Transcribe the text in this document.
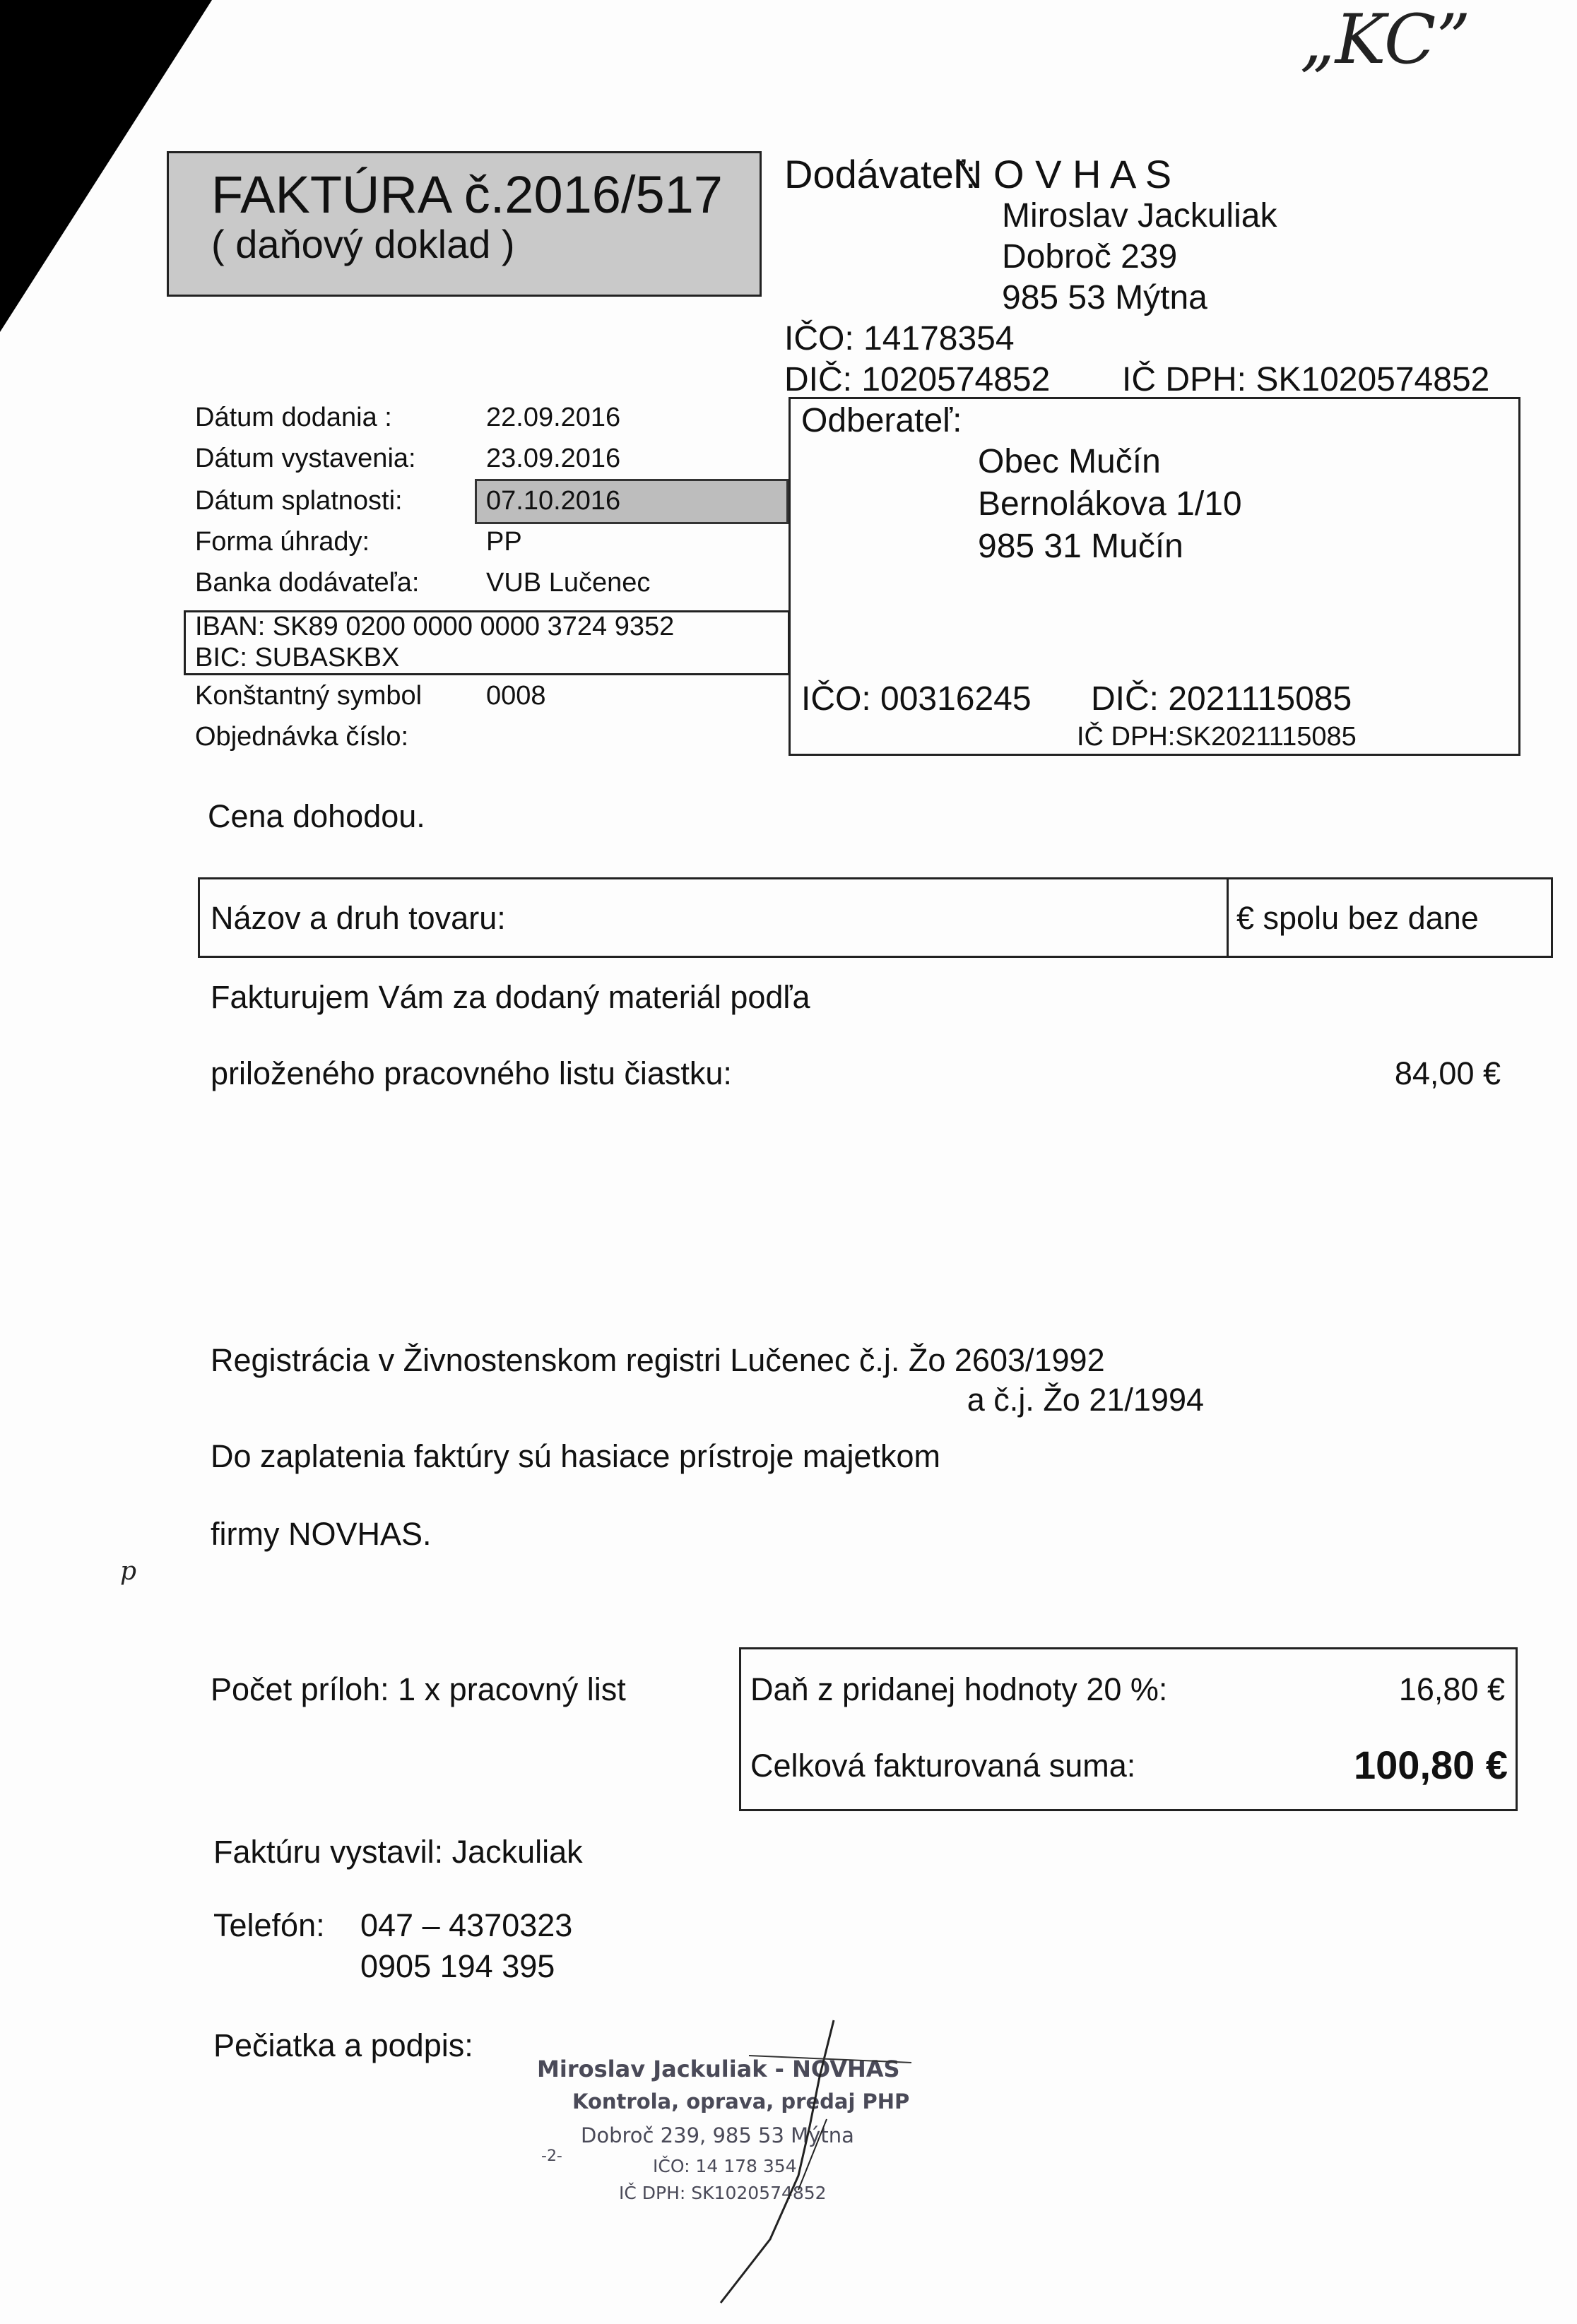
„KC”
FAKTÚRA č.2016/517
( daňový doklad )
Dodávateľ:
N O V H A S
Miroslav Jackuliak
Dobroč 239
985 53 Mýtna
IČO: 14178354
DIČ: 1020574852 IČ DPH: SK1020574852
Dátum dodania :	22.09.2016
Dátum vystavenia:	23.09.2016
Dátum splatnosti:	07.10.2016
Forma úhrady:	PP
Banka dodávateľa: VUB Lučenec
IBAN: SK89 0200 0000 0000 3724 9352
BIC: SUBASKBX
Konštantný symbol 0008
Objednávka číslo:
Odberateľ:
Obec Mučín
Bernolákova 1/10
985 31 Mučín
IČO: 00316245 DIČ: 2021115085
IČ DPH:SK2021115085
Cena dohodou.
Názov a druh tovaru:	€ spolu bez dane
Fakturujem Vám za dodaný materiál podľa
priloženého pracovného listu čiastku:	84,00 €
Registrácia v Živnostenskom registri Lučenec č.j. Žo 2603/1992
a č.j. Žo 21/1994
Do zaplatenia faktúry sú hasiace prístroje majetkom
firmy NOVHAS.
p
Počet príloh: 1 x pracovný list	Daň z pridanej hodnoty 20 %:	16,80 €
Celková fakturovaná suma:	100,80 €
Faktúru vystavil: Jackuliak
Telefón: 047 – 4370323
0905 194 395
Pečiatka a podpis:
Miroslav Jackuliak - NOVHAS
Kontrola, oprava, predaj PHP
Dobroč 239, 985 53 Mýtna
IČO: 14 178 354
IČ DPH: SK1020574852
-2-
